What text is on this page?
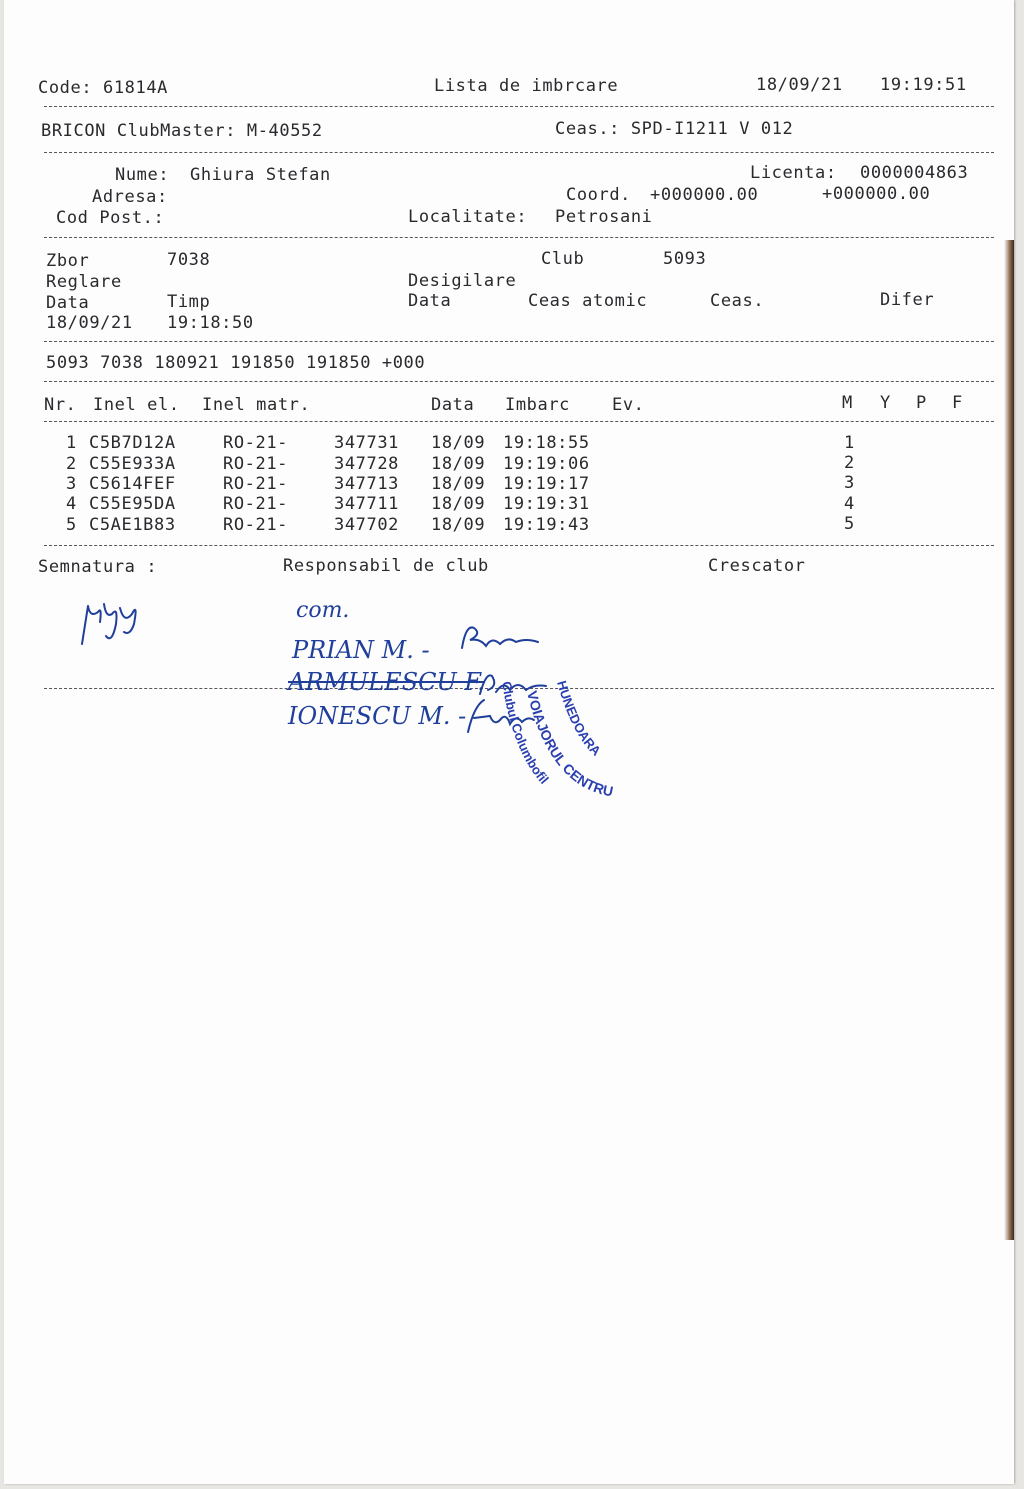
Code: 61814A	Lista de imbrcare	18/09/21 19:19:51
BRICON ClubMaster: M-40552	Ceas.: SPD-I1211 V 012
Nume: Ghiura Stefan	Licenta: 0000004863
Adresa:	Coord. +000000.00	+000000.00
Cod Post.:	Localitate: Petrosani
Zbor	7038	Club	5093
Reglare	Desigilare
Data	Timp	Data	Ceas atomic	Ceas.	Difer
18/09/21 19:18:50
5093 7038 180921 191850 191850 +000
Nr. Inel el. Inel matr.	Data Imbarc Ev.	M Y P F
1 C5B7D12A	RO-21-	347731 18/09 19:18:55	1
2 C55E933A	RO-21-	347728 18/09 19:19:06	2
3 C5614FEF	RO-21-	347713 18/09 19:19:17	3
4 C55E95DA	RO-21-	347711 18/09 19:19:31	4
5 C5AE1B83	RO-21-	347702 18/09 19:19:43	5
Semnatura :	Responsabil de club	Crescator
com.
PRIAN M. -
ARMULESCU F.
IONESCU M. -
Clubul Columbofil
VOIAJORUL CENTRU
HUNEDOARA
